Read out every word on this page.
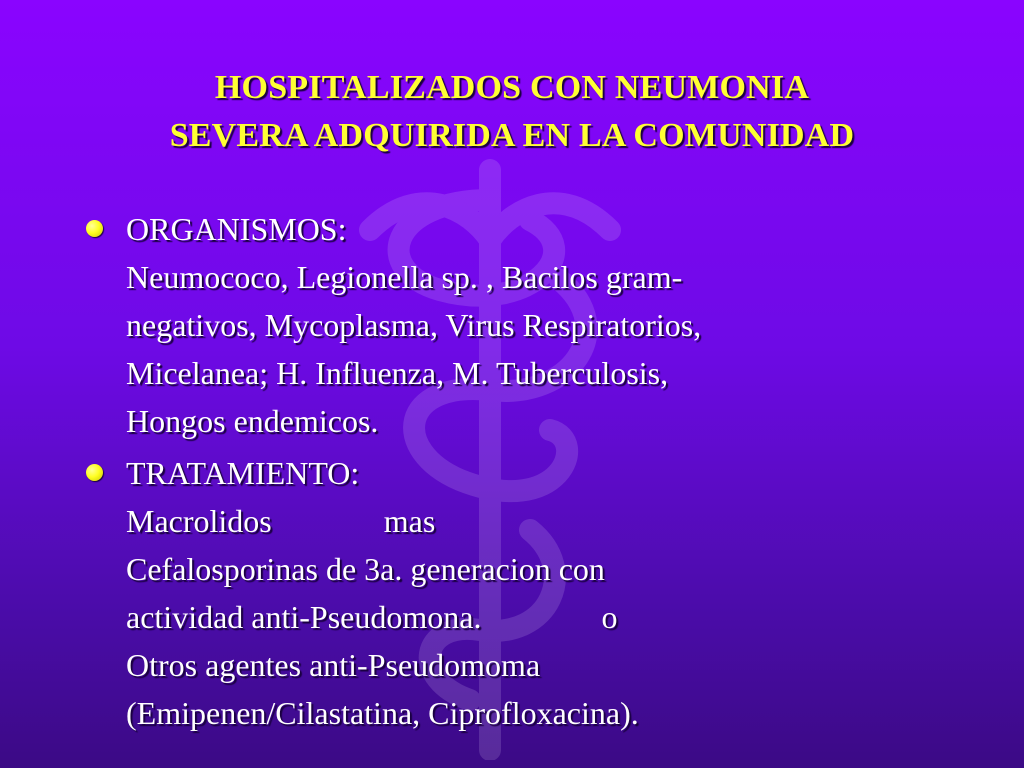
HOSPITALIZADOS CON NEUMONIA
SEVERA ADQUIRIDA EN LA COMUNIDAD
ORGANISMOS:
Neumococo, Legionella sp. , Bacilos gram-
negativos, Mycoplasma, Virus Respiratorios,
Micelanea; H. Influenza, M. Tuberculosis,
Hongos endemicos.
TRATAMIENTO:
Macrolidos              mas
Cefalosporinas de 3a. generacion con
actividad anti-Pseudomona.               o
Otros agentes anti-Pseudomoma
(Emipenen/Cilastatina, Ciprofloxacina).
